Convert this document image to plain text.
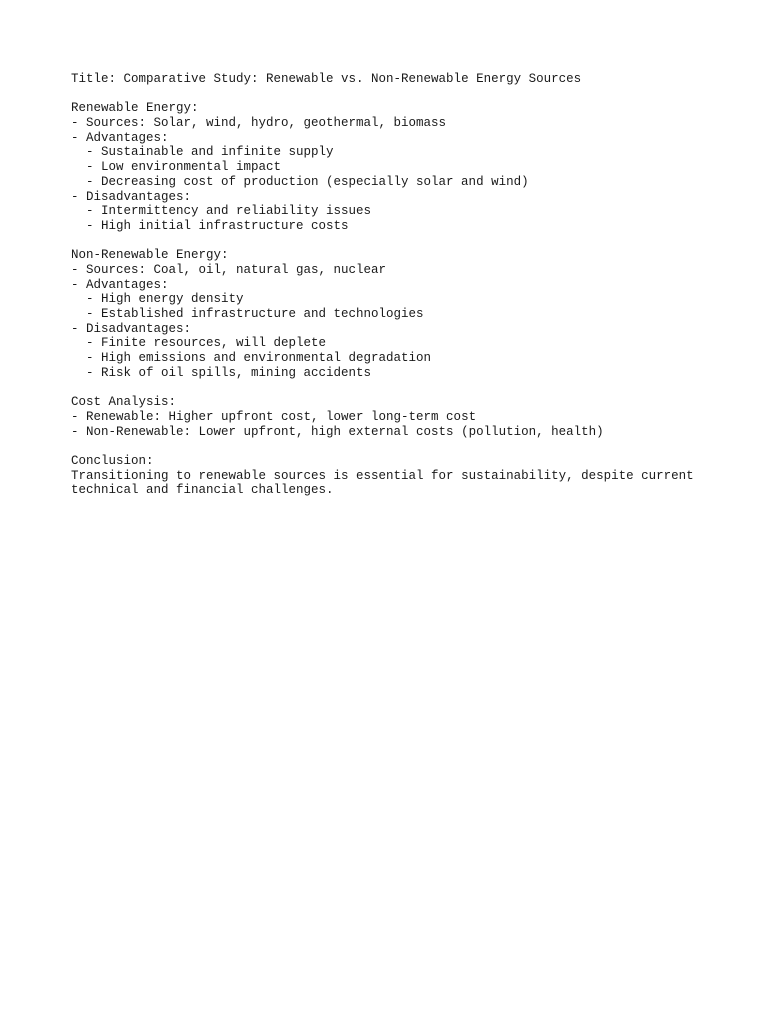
Title: Comparative Study: Renewable vs. Non-Renewable Energy Sources

Renewable Energy:

- Sources: Solar, wind, hydro, geothermal, biomass

- Advantages:

- Sustainable and infinite supply

- Low environmental impact

- Decreasing cost of production (especially solar and wind)

- Disadvantages:

- Intermittency and reliability issues

- High initial infrastructure costs

Non-Renewable Energy:

- Sources: Coal, oil, natural gas, nuclear

- Advantages:

- High energy density

- Established infrastructure and technologies

- Disadvantages:

- Finite resources, will deplete

- High emissions and environmental degradation

- Risk of oil spills, mining accidents

Cost Analysis:

- Renewable: Higher upfront cost, lower long-term cost

- Non-Renewable: Lower upfront, high external costs (pollution, health)

Conclusion:

Transitioning to renewable sources is essential for sustainability, despite current

technical and financial challenges.
